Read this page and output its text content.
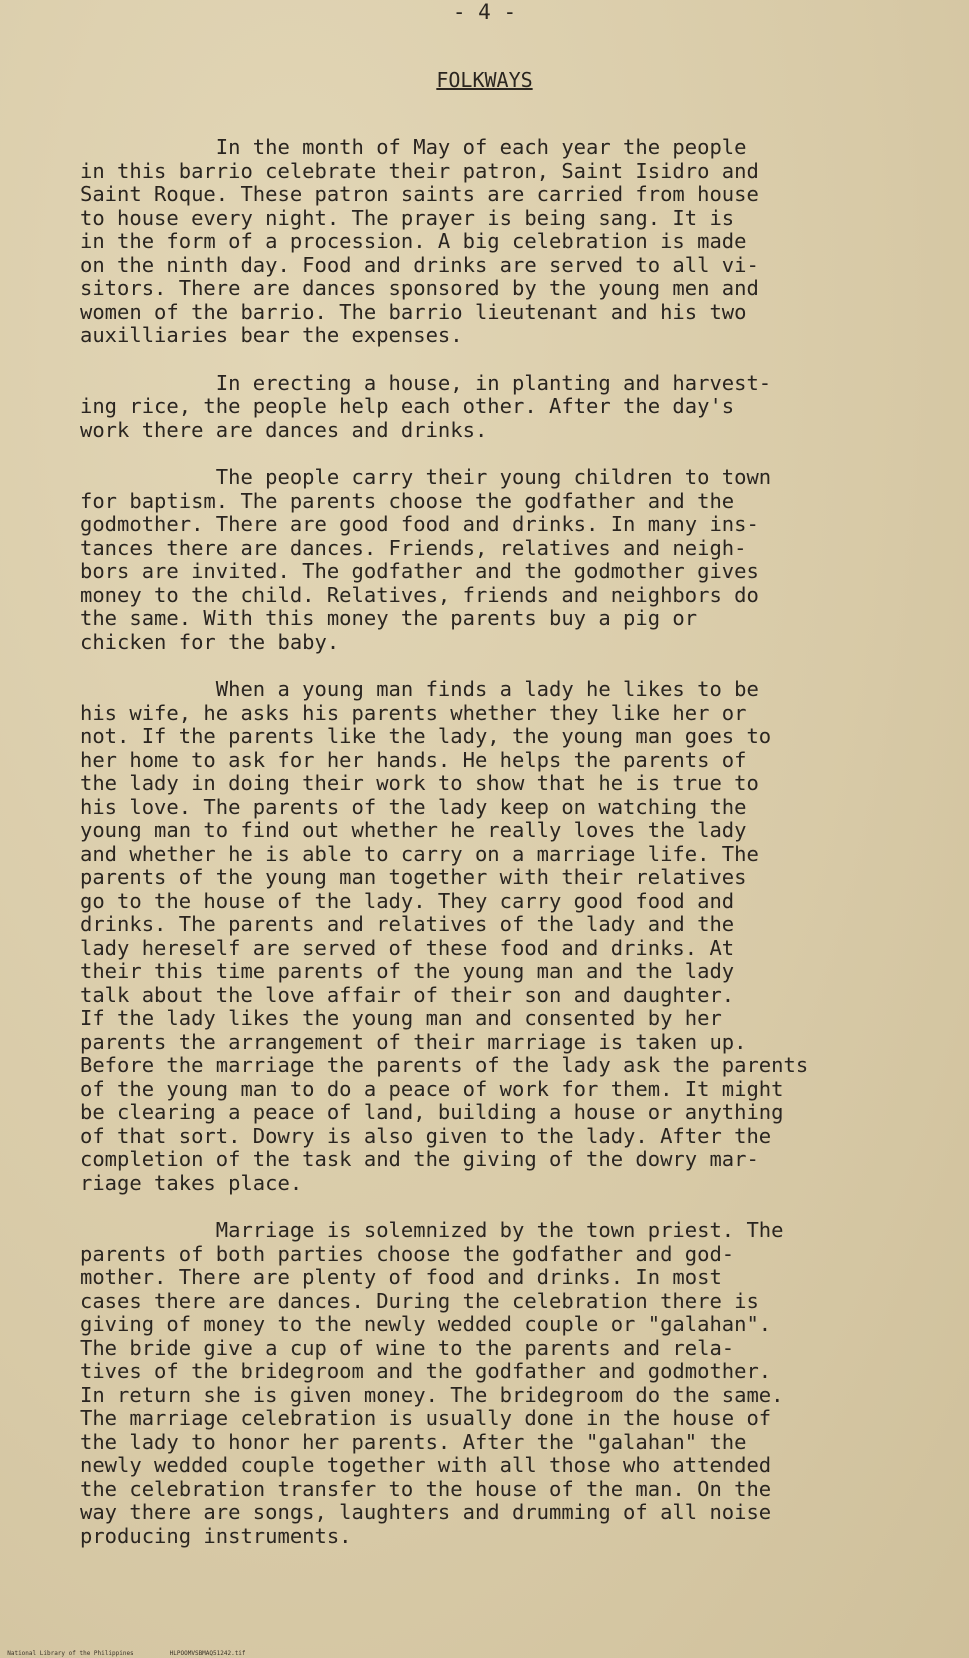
- 4 -
FOLKWAYS

In the month of May of each year the people
in this barrio celebrate their patron, Saint Isidro and
Saint Roque. These patron saints are carried from house
to house every night. The prayer is being sang. It is
in the form of a procession. A big celebration is made
on the ninth day. Food and drinks are served to all vi-
sitors. There are dances sponsored by the young men and
women of the barrio. The barrio lieutenant and his two
auxilliaries bear the expenses.

In erecting a house, in planting and harvest-
ing rice, the people help each other. After the day's
work there are dances and drinks.

The people carry their young children to town
for baptism. The parents choose the godfather and the
godmother. There are good food and drinks. In many ins-
tances there are dances. Friends, relatives and neigh-
bors are invited. The godfather and the godmother gives
money to the child. Relatives, friends and neighbors do
the same. With this money the parents buy a pig or
chicken for the baby.

When a young man finds a lady he likes to be
his wife, he asks his parents whether they like her or
not. If the parents like the lady, the young man goes to
her home to ask for her hands. He helps the parents of
the lady in doing their work to show that he is true to
his love. The parents of the lady keep on watching the
young man to find out whether he really loves the lady
and whether he is able to carry on a marriage life. The
parents of the young man together with their relatives
go to the house of the lady. They carry good food and
drinks. The parents and relatives of the lady and the
lady hereself are served of these food and drinks. At
their this time parents of the young man and the lady
talk about the love affair of their son and daughter.
If the lady likes the young man and consented by her
parents the arrangement of their marriage is taken up.
Before the marriage the parents of the lady ask the parents
of the young man to do a peace of work for them. It might
be clearing a peace of land, building a house or anything
of that sort. Dowry is also given to the lady. After the
completion of the task and the giving of the dowry mar-
riage takes place.

Marriage is solemnized by the town priest. The
parents of both parties choose the godfather and god-
mother. There are plenty of food and drinks. In most
cases there are dances. During the celebration there is
giving of money to the newly wedded couple or "galahan".
The bride give a cup of wine to the parents and rela-
tives of the bridegroom and the godfather and godmother.
In return she is given money. The bridegroom do the same.
The marriage celebration is usually done in the house of
the lady to honor her parents. After the "galahan" the
newly wedded couple together with all those who attended
the celebration transfer to the house of the man. On the
way there are songs, laughters and drumming of all noise
producing instruments.

National Library of the Philippines	HLPOOMVSBMAQ51242.tif
